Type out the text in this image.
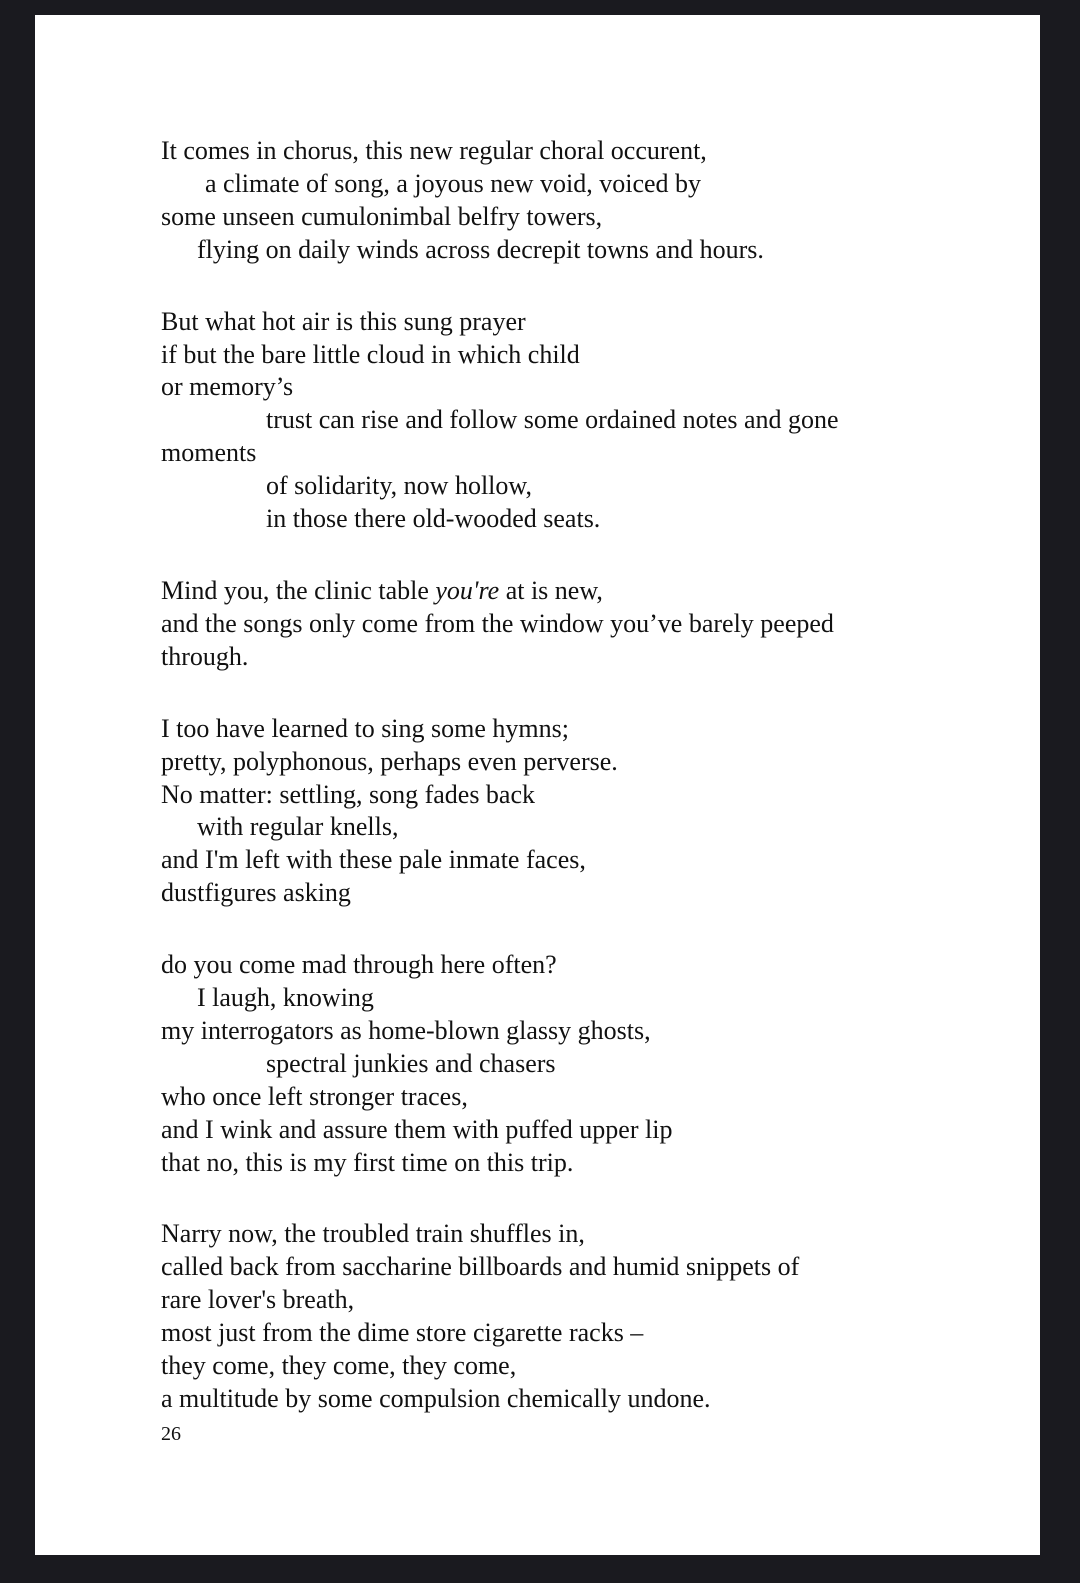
It comes in chorus, this new regular choral occurent,
a climate of song, a joyous new void, voiced by
some unseen cumulonimbal belfry towers,
flying on daily winds across decrepit towns and hours.
But what hot air is this sung prayer
if but the bare little cloud in which child
or memory’s
trust can rise and follow some ordained notes and gone
moments
of solidarity, now hollow,
in those there old-wooded seats.
Mind you, the clinic table you're at is new,
and the songs only come from the window you’ve barely peeped
through.
I too have learned to sing some hymns;
pretty, polyphonous, perhaps even perverse.
No matter: settling, song fades back
with regular knells,
and I'm left with these pale inmate faces,
dustfigures asking
do you come mad through here often?
I laugh, knowing
my interrogators as home-blown glassy ghosts,
spectral junkies and chasers
who once left stronger traces,
and I wink and assure them with puffed upper lip
that no, this is my first time on this trip.
Narry now, the troubled train shuffles in,
called back from saccharine billboards and humid snippets of
rare lover's breath,
most just from the dime store cigarette racks –
they come, they come, they come,
a multitude by some compulsion chemically undone.
26
